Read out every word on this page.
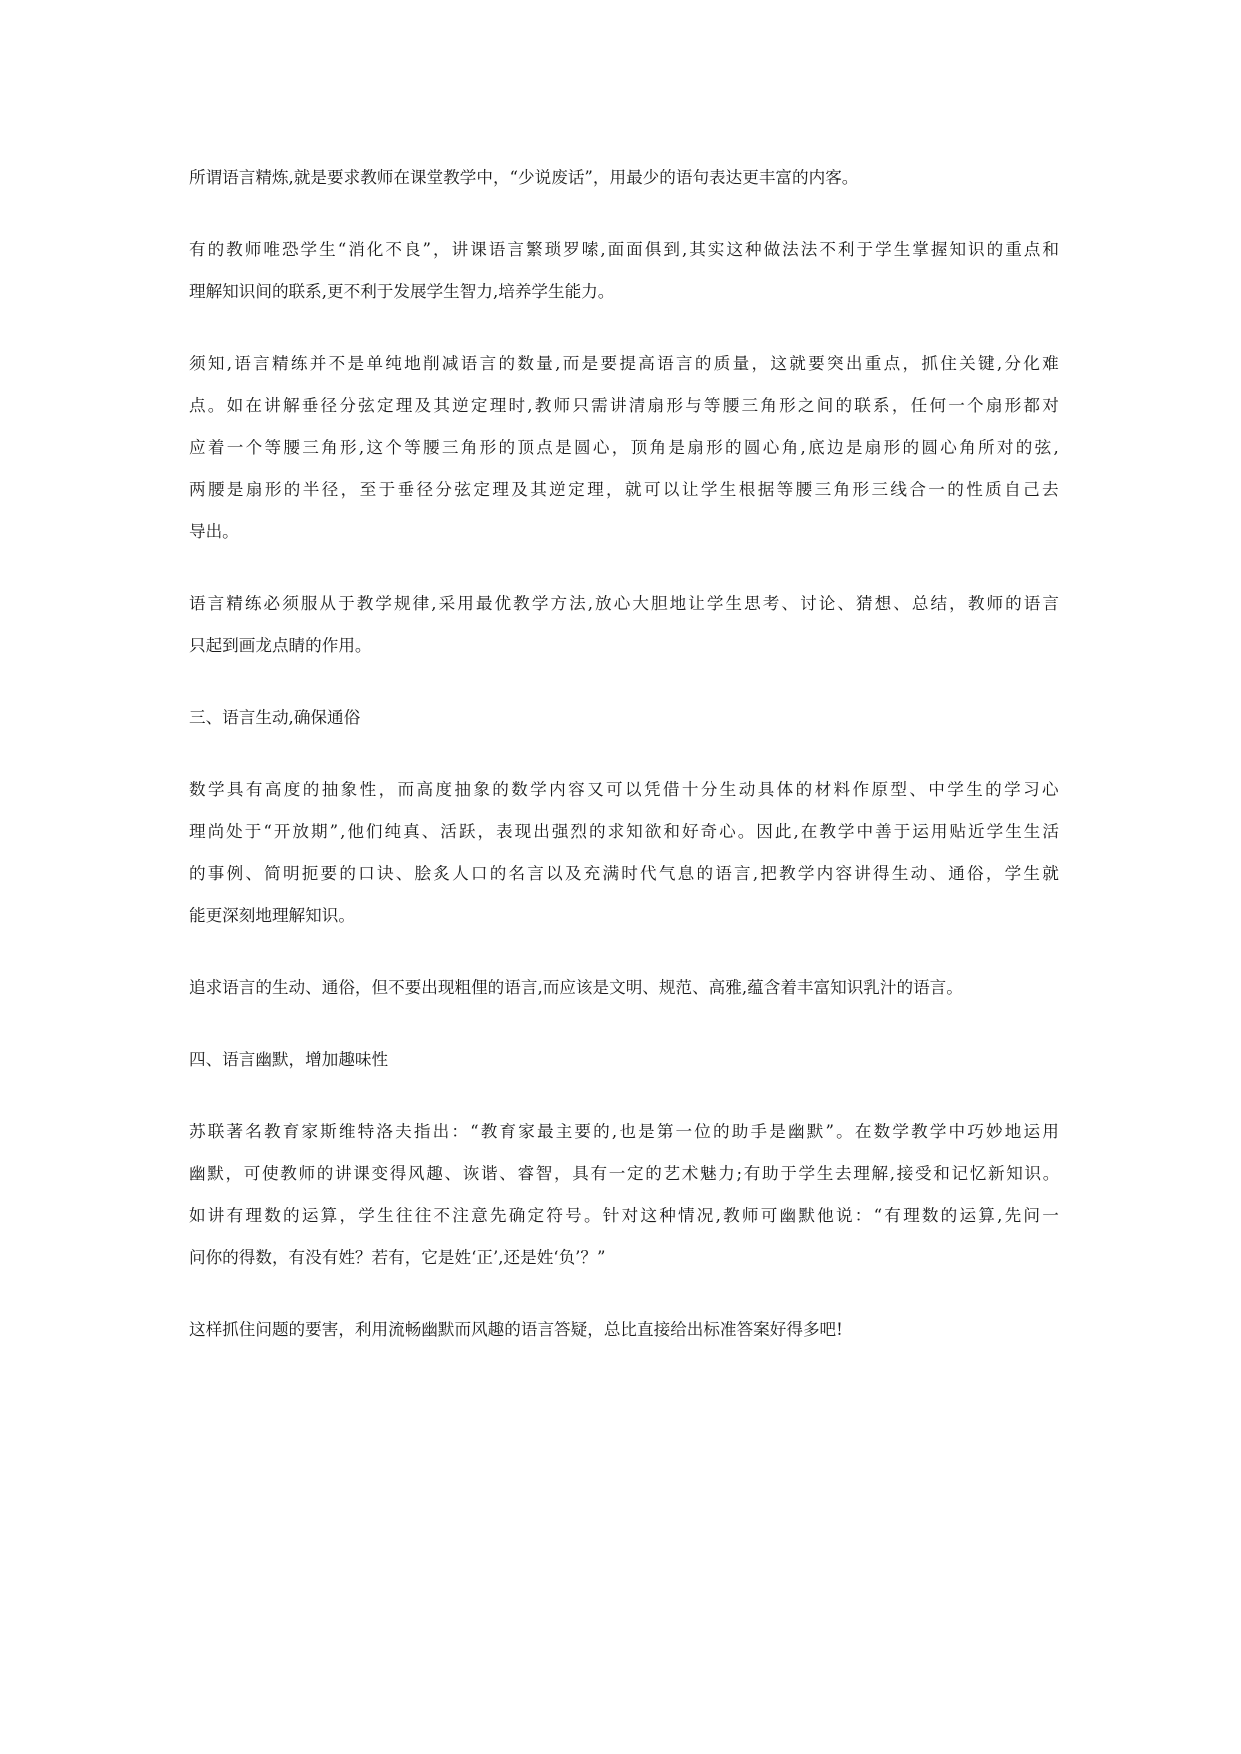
所谓语言精炼,就是要求教师在课堂教学中，“少说废话”，用最少的语句表达更丰富的内客。
有的教师唯恐学生“消化不良”，讲课语言繁琐罗嗦,面面俱到,其实这种做法法不利于学生掌握知识的重点和
理解知识间的联系,更不利于发展学生智力,培养学生能力。
须知,语言精练并不是单纯地削减语言的数量,而是要提高语言的质量，这就要突出重点，抓住关键,分化难
点。如在讲解垂径分弦定理及其逆定理时,教师只需讲清扇形与等腰三角形之间的联系，任何一个扇形都对
应着一个等腰三角形,这个等腰三角形的顶点是圆心，顶角是扇形的圆心角,底边是扇形的圆心角所对的弦,
两腰是扇形的半径，至于垂径分弦定理及其逆定理，就可以让学生根据等腰三角形三线合一的性质自己去
导出。
语言精练必须服从于教学规律,采用最优教学方法,放心大胆地让学生思考、讨论、猜想、总结，教师的语言
只起到画龙点睛的作用。
三、语言生动,确保通俗
数学具有高度的抽象性，而高度抽象的数学内容又可以凭借十分生动具体的材料作原型、中学生的学习心
理尚处于“开放期”,他们纯真、活跃，表现出强烈的求知欲和好奇心。因此,在教学中善于运用贴近学生生活
的事例、简明扼要的口诀、脍炙人口的名言以及充满时代气息的语言,把教学内容讲得生动、通俗，学生就
能更深刻地理解知识。
追求语言的生动、通俗，但不要出现粗俚的语言,而应该是文明、规范、高雅,蕴含着丰富知识乳汁的语言。
四、语言幽默，增加趣味性
苏联著名教育家斯维特洛夫指出：“教育家最主要的,也是第一位的助手是幽默”。在数学教学中巧妙地运用
幽默，可使教师的讲课变得风趣、诙谐、睿智，具有一定的艺术魅力;有助于学生去理解,接受和记忆新知识。
如讲有理数的运算，学生往往不注意先确定符号。针对这种情况,教师可幽默他说：“有理数的运算,先问一
问你的得数，有没有姓？若有，它是姓‘正’,还是姓‘负’？”
这样抓住问题的要害，利用流畅幽默而风趣的语言答疑，总比直接给出标准答案好得多吧!
